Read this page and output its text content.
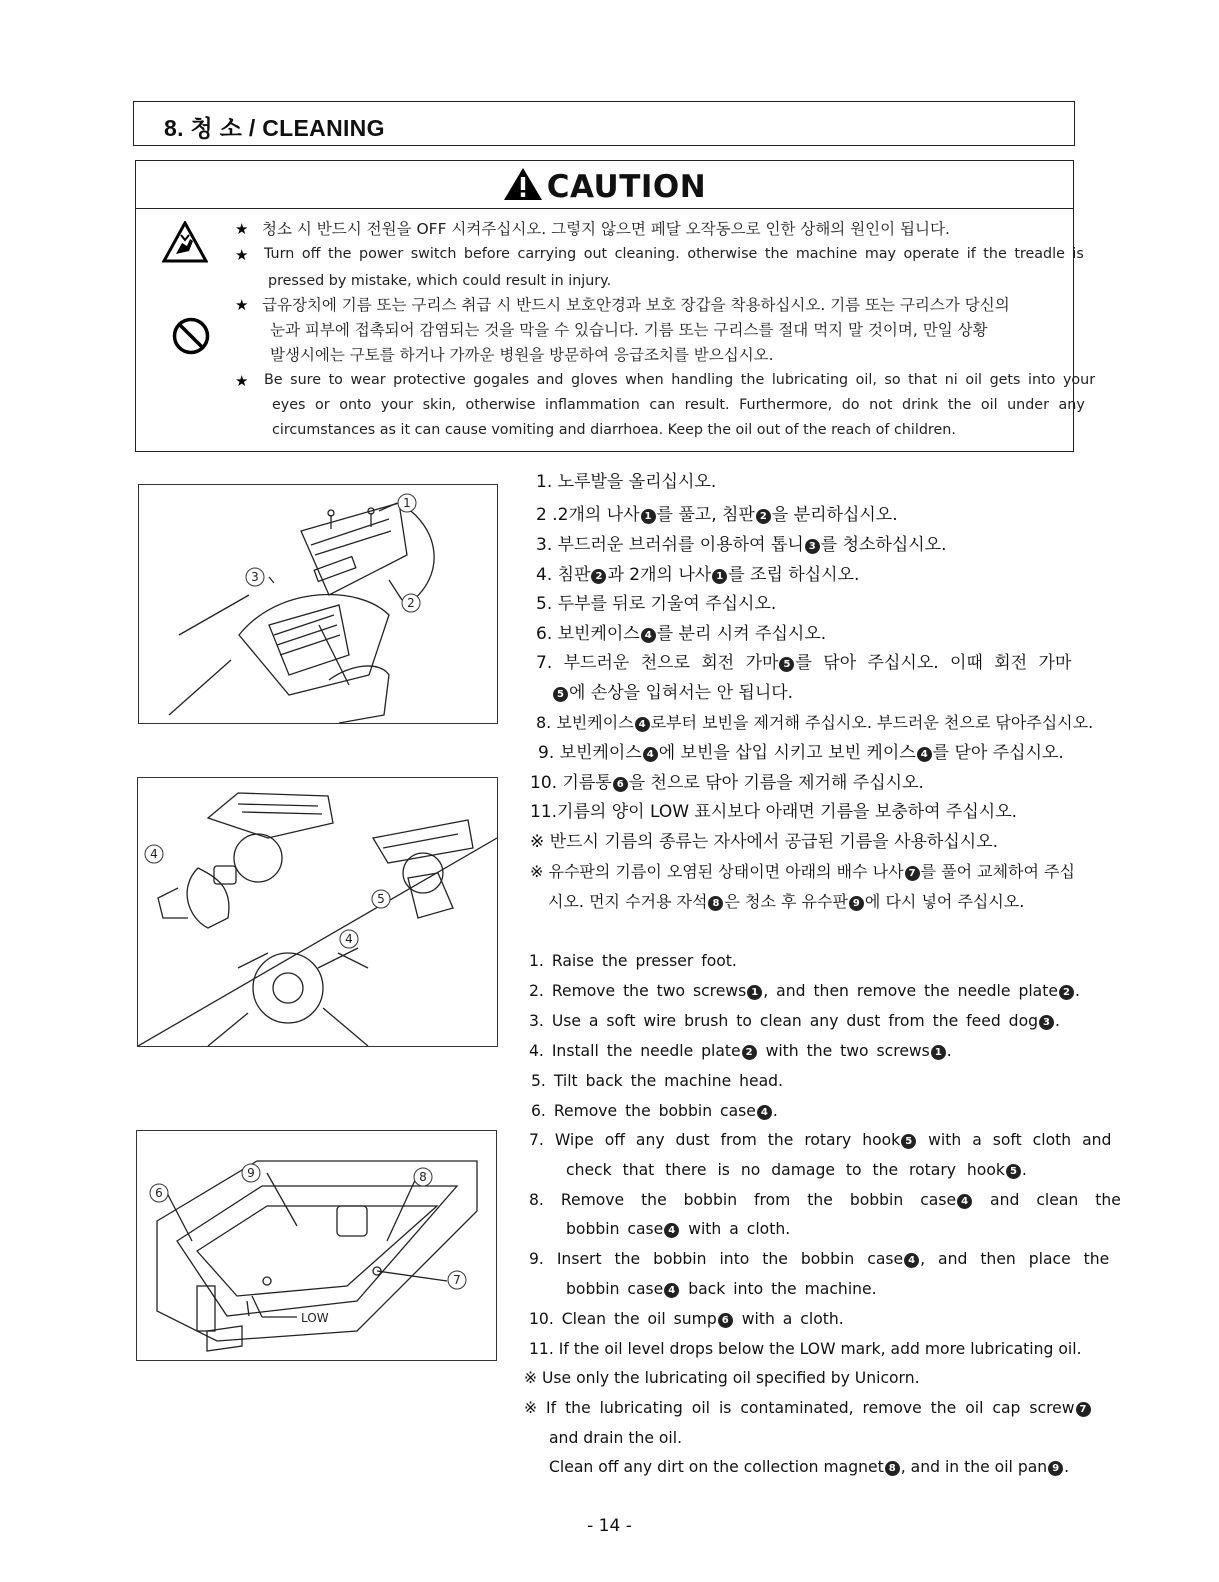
8. 청 소 / CLEANING
CAUTION
★ 청소 시 반드시 전원을 OFF 시켜주십시오. 그렇지 않으면 페달 오작동으로 인한 상해의 원인이 됩니다.
★ Turn off the power switch before carrying out cleaning. otherwise the machine may operate if the treadle is
pressed by mistake, which could result in injury.
★ 급유장치에 기름 또는 구리스 취급 시 반드시 보호안경과 보호 장갑을 착용하십시오. 기름 또는 구리스가 당신의
눈과 피부에 접촉되어 감염되는 것을 막을 수 있습니다. 기름 또는 구리스를 절대 먹지 말 것이며, 만일 상황
발생시에는 구토를 하거나 가까운 병원을 방문하여 응급조치를 받으십시오.
★ Be sure to wear protective gogales and gloves when handling the lubricating oil, so that ni oil gets into your
eyes or onto your skin, otherwise inflammation can result. Furthermore, do not drink the oil under any
circumstances as it can cause vomiting and diarrhoea. Keep the oil out of the reach of children.
1
2
3
4
5
4
LOW
9	8
6
7
1. 노루발을 올리십시오.
2 .2개의 나사 1 를 풀고, 침판 2 을 분리하십시오.
3. 부드러운 브러쉬를 이용하여 톱니 3 를 청소하십시오.
4. 침판 2 과 2개의 나사 1 를 조립 하십시오.
5. 두부를 뒤로 기울여 주십시오.
6. 보빈케이스 4 를 분리 시켜 주십시오.
7. 부드러운 천으로 회전 가마 5 를 닦아 주십시오. 이때 회전 가마
5 에 손상을 입혀서는 안 됩니다.
8. 보빈케이스 4 로부터 보빈을 제거해 주십시오. 부드러운 천으로 닦아주십시오.
9. 보빈케이스 4 에 보빈을 삽입 시키고 보빈 케이스 4 를 닫아 주십시오.
10. 기름통 6 을 천으로 닦아 기름을 제거해 주십시오.
11.기름의 양이 LOW 표시보다 아래면 기름을 보충하여 주십시오.
※ 반드시 기름의 종류는 자사에서 공급된 기름을 사용하십시오.
※ 유수판의 기름이 오염된 상태이면 아래의 배수 나사 7 를 풀어 교체하여 주십
시오. 먼지 수거용 자석 8 은 청소 후 유수판 9 에 다시 넣어 주십시오.
1. Raise the presser foot.
2. Remove the two screws 1 , and then remove the needle plate 2 .
3. Use a soft wire brush to clean any dust from the feed dog 3 .
4. Install the needle plate 2 with the two screws 1 .
5. Tilt back the machine head.
6. Remove the bobbin case 4 .
7. Wipe off any dust from the rotary hook 5 with a soft cloth and
check that there is no damage to the rotary hook 5 .
8. Remove the bobbin from the bobbin case 4 and clean the
bobbin case 4 with a cloth.
9. Insert the bobbin into the bobbin case 4 , and then place the
bobbin case 4 back into the machine.
10. Clean the oil sump 6 with a cloth.
11. If the oil level drops below the LOW mark, add more lubricating oil.
※ Use only the lubricating oil specified by Unicorn.
※ If the lubricating oil is contaminated, remove the oil cap screw 7
and drain the oil.
Clean off any dirt on the collection magnet 8 , and in the oil pan 9 .
- 14 -
